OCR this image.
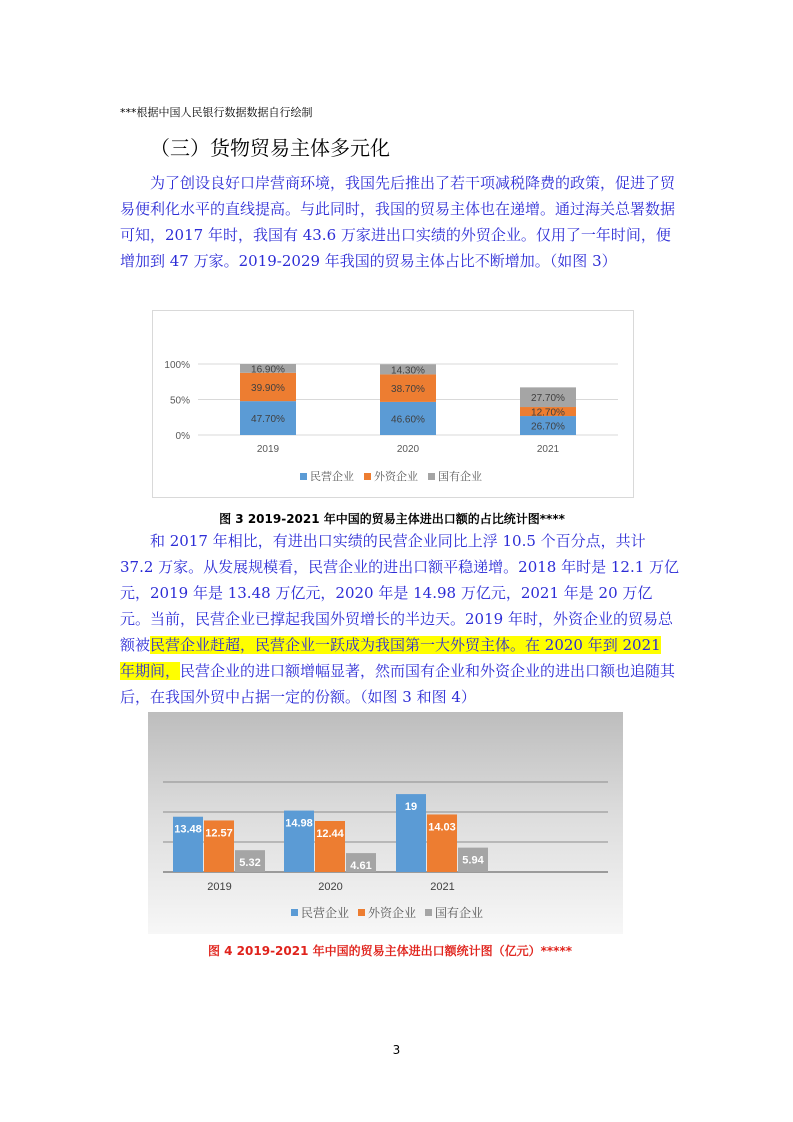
***根据中国人民银行数据数据自行绘制
（三）货物贸易主体多元化
为了创设良好口岸营商环境，我国先后推出了若干项减税降费的政策，促进了贸易便利化水平的直线提高。与此同时，我国的贸易主体也在递增。通过海关总署数据可知，2017 年时，我国有 43.6 万家进出口实绩的外贸企业。仅用了一年时间，便增加到 47 万家。2019-2029 年我国的贸易主体占比不断增加。（如图 3）
0%
50%
100%
47.70%
39.90%
16.90%
2019
46.60%
38.70%
14.30%
2020
26.70%
12.70%
27.70%
2021
民营企业 外资企业 国有企业
图 3 2019-2021 年中国的贸易主体进出口额的占比统计图****
和 2017 年相比，有进出口实绩的民营企业同比上浮 10.5 个百分点，共计 37.2 万家。从发展规模看，民营企业的进出口额平稳递增。2018 年时是 12.1 万亿元，2019 年是 13.48 万亿元，2020 年是 14.98 万亿元，2021 年是 20 万亿元。当前，民营企业已撑起我国外贸增长的半边天。2019 年时，外资企业的贸易总额被民营企业赶超，民营企业一跃成为我国第一大外贸主体。在 2020 年到 2021 年期间，民营企业的进口额增幅显著，然而国有企业和外资企业的进出口额也追随其后，在我国外贸中占据一定的份额。（如图 3 和图 4）
13.48 12.57
5.32
2019
14.98
12.44
4.61
2020
19
14.03
5.94
2021
民营企业 外资企业 国有企业
图 4 2019-2021 年中国的贸易主体进出口额统计图（亿元）*****
3
